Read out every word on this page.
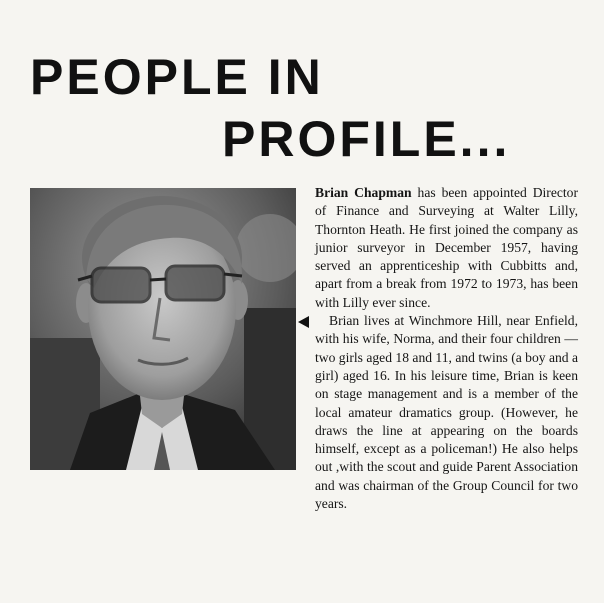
PEOPLE IN
PROFILE...

Brian Chapman has been appointed Director of Finance and Surveying at Walter Lilly, Thornton Heath. He first joined the company as junior surveyor in December 1957, having served an apprenticeship with Cubbitts and, apart from a break from 1972 to 1973, has been with Lilly ever since.

Brian lives at Winchmore Hill, near Enfield, with his wife, Norma, and their four children — two girls aged 18 and 11, and twins (a boy and a girl) aged 16. In his leisure time, Brian is keen on stage management and is a member of the local amateur dramatics group. (However, he draws the line at appearing on the boards himself, except as a policeman!) He also helps out ,with the scout and guide Parent Association and was chairman of the Group Council for two years.
